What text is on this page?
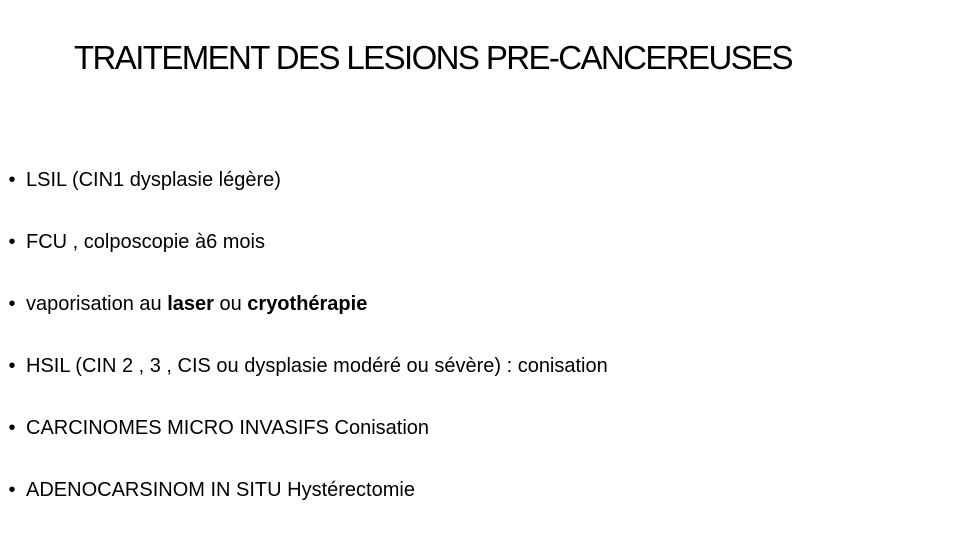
TRAITEMENT DES LESIONS PRE-CANCEREUSES
• LSIL (CIN1 dysplasie légère)
• FCU , colposcopie à6 mois
• vaporisation au laser ou cryothérapie
• HSIL (CIN 2 , 3 , CIS ou dysplasie modéré ou sévère) : conisation
• CARCINOMES MICRO INVASIFS Conisation
• ADENOCARSINOM IN SITU Hystérectomie
